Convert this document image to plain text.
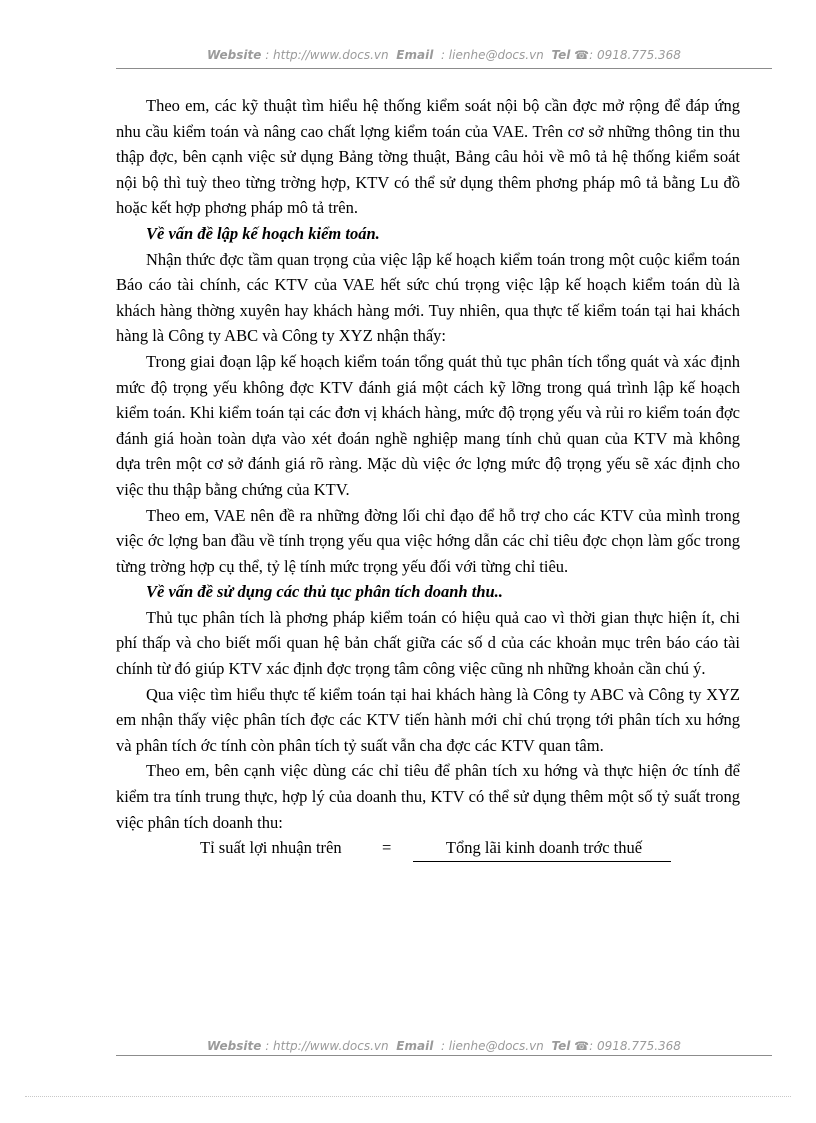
Website : http://www.docs.vn Email : lienhe@docs.vn Tel ☎: 0918.775.368

Theo em, các kỹ thuật tìm hiểu hệ thống kiểm soát nội bộ cần đợc mở rộng để đáp ứng nhu cầu kiểm toán và nâng cao chất lợng kiểm toán của VAE. Trên cơ sở những thông tin thu thập đợc, bên cạnh việc sử dụng Bảng tờng thuật, Bảng câu hỏi về mô tả hệ thống kiểm soát nội bộ thì tuỳ theo từng trờng hợp, KTV có thể sử dụng thêm phơng pháp mô tả bằng Lu đồ hoặc kết hợp phơng pháp mô tả trên.

Về vấn đề lập kế hoạch kiểm toán.

Nhận thức đợc tầm quan trọng của việc lập kế hoạch kiểm toán trong một cuộc kiểm toán Báo cáo tài chính, các KTV của VAE hết sức chú trọng việc lập kế hoạch kiểm toán dù là khách hàng thờng xuyên hay khách hàng mới. Tuy nhiên, qua thực tế kiểm toán tại hai khách hàng là Công ty ABC và Công ty XYZ nhận thấy:

Trong giai đoạn lập kế hoạch kiểm toán tổng quát thủ tục phân tích tổng quát và xác định mức độ trọng yếu không đợc KTV đánh giá một cách kỹ lỡng trong quá trình lập kế hoạch kiểm toán. Khi kiểm toán tại các đơn vị khách hàng, mức độ trọng yếu và rủi ro kiểm toán đợc đánh giá hoàn toàn dựa vào xét đoán nghề nghiệp mang tính chủ quan của KTV mà không dựa trên một cơ sở đánh giá rõ ràng. Mặc dù việc ớc lợng mức độ trọng yếu sẽ xác định cho việc thu thập bằng chứng của KTV.

Theo em, VAE nên đề ra những đờng lối chỉ đạo để hỗ trợ cho các KTV của mình trong việc ớc lợng ban đầu về tính trọng yếu qua việc hớng dẫn các chỉ tiêu đợc chọn làm gốc trong từng trờng hợp cụ thể, tỷ lệ tính mức trọng yếu đối với từng chỉ tiêu.

Về vấn đề sử dụng các thủ tục phân tích doanh thu..

Thủ tục phân tích là phơng pháp kiểm toán có hiệu quả cao vì thời gian thực hiện ít, chi phí thấp và cho biết mối quan hệ bản chất giữa các số d của các khoản mục trên báo cáo tài chính từ đó giúp KTV xác định đợc trọng tâm công việc cũng nh những khoản cần chú ý.

Qua việc tìm hiểu thực tế kiểm toán tại hai khách hàng là Công ty ABC và Công ty XYZ em nhận thấy việc phân tích đợc các KTV tiến hành mới chỉ chú trọng tới phân tích xu hớng và phân tích ớc tính còn phân tích tỷ suất vẫn cha đợc các KTV quan tâm.

Theo em, bên cạnh việc dùng các chỉ tiêu để phân tích xu hớng và thực hiện ớc tính để kiểm tra tính trung thực, hợp lý của doanh thu, KTV có thể sử dụng thêm một số tỷ suất trong việc phân tích doanh thu:

Tỉ suất lợi nhuận trên =	Tổng lãi kinh doanh trớc thuế
Website : http://www.docs.vn Email : lienhe@docs.vn Tel ☎: 0918.775.368
